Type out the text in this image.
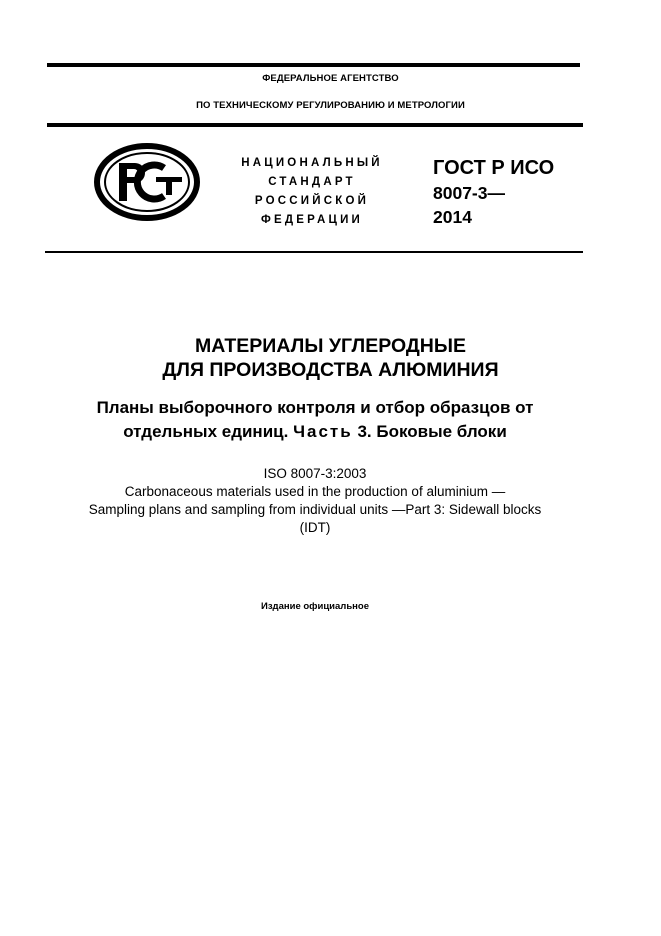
ФЕДЕРАЛЬНОЕ АГЕНТСТВО
ПО ТЕХНИЧЕСКОМУ РЕГУЛИРОВАНИЮ И МЕТРОЛОГИИ
НАЦИОНАЛЬНЫЙ
СТАНДАРТ
РОССИЙСКОЙ
ФЕДЕРАЦИИ
ГОСТ Р ИСО
8007-3—
2014
МАТЕРИАЛЫ УГЛЕРОДНЫЕ
ДЛЯ ПРОИЗВОДСТВА АЛЮМИНИЯ
Планы выборочного контроля и отбор образцов от
отдельных единиц. Часть 3. Боковые блоки
ISO 8007-3:2003
Carbonaceous materials used in the production of aluminium —
Sampling plans and sampling from individual units —Part 3: Sidewall blocks
(IDT)
Издание официальное
